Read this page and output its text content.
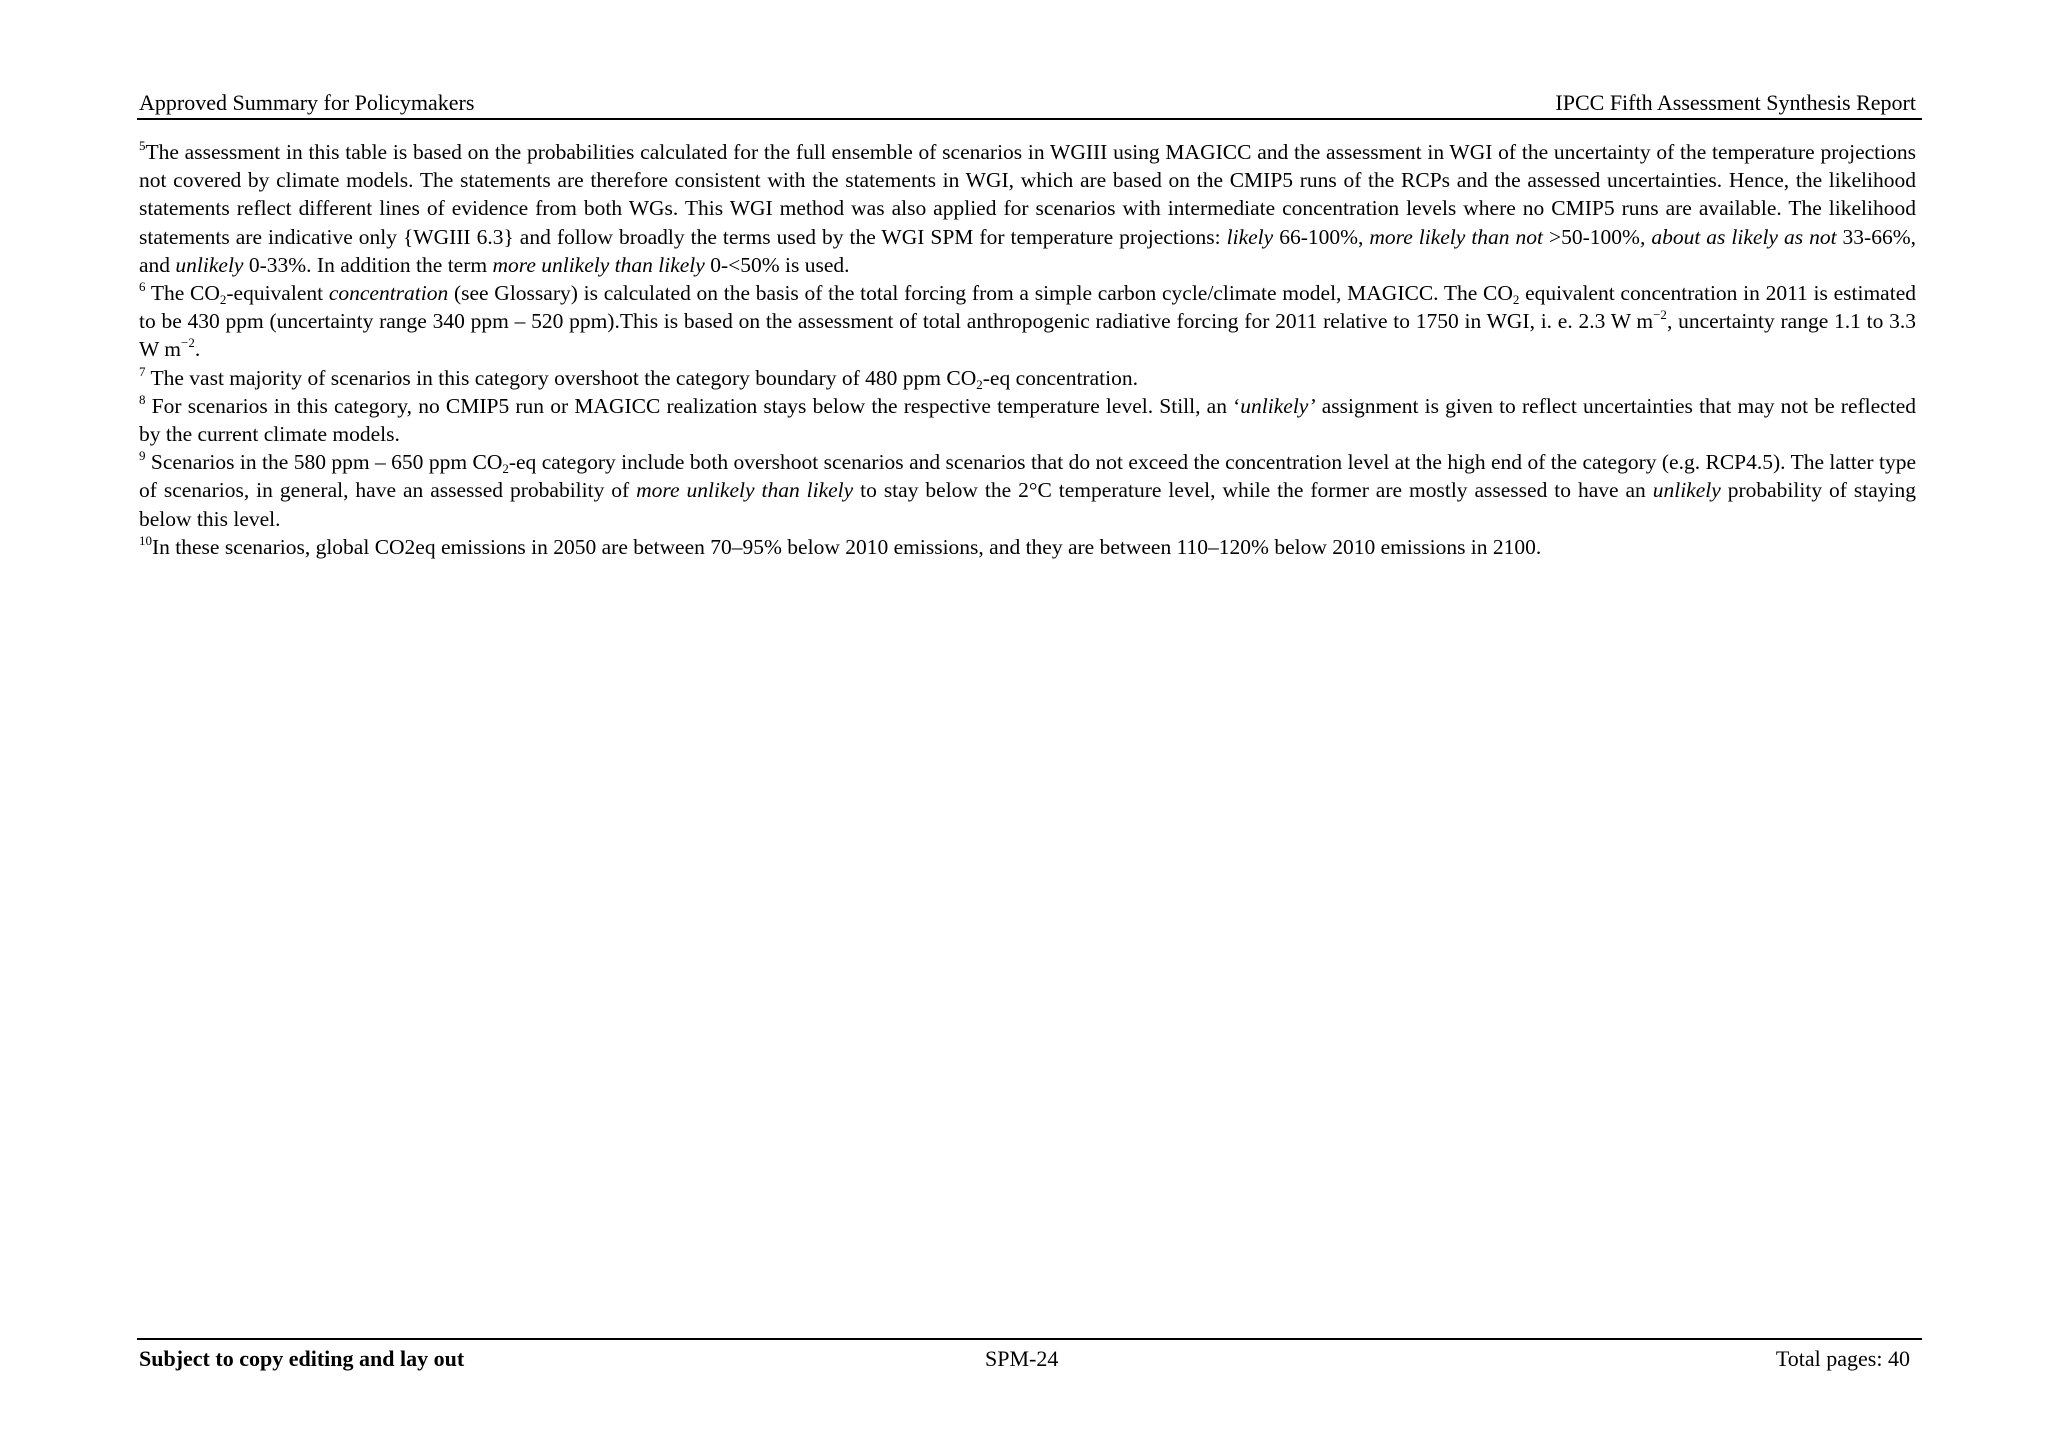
Approved Summary for Policymakers	IPCC Fifth Assessment Synthesis Report

$^5$The assessment in this table is based on the probabilities calculated for the full ensemble of scenarios in WGIII using MAGICC and the assessment in WGI of the uncertainty of the temperature projections not covered by climate models. The statements are therefore consistent with the statements in WGI, which are based on the CMIP5 runs of the RCPs and the assessed uncertainties. Hence, the likelihood statements reflect different lines of evidence from both WGs. This WGI method was also applied for scenarios with intermediate concentration levels where no CMIP5 runs are available. The likelihood statements are indicative only {WGIII 6.3} and follow broadly the terms used by the WGI SPM for temperature projections: likely 66-100%, more likely than not >50-100%, about as likely as not 33-66%, and unlikely 0-33%. In addition the term more unlikely than likely 0-<50% is used.

$^6$ The $CO_2$-equivalent concentration (see Glossary) is calculated on the basis of the total forcing from a simple carbon cycle/climate model, MAGICC. The $CO_2$ equivalent concentration in 2011 is estimated to be 430 ppm (uncertainty range 340 ppm – 520 ppm).This is based on the assessment of total anthropogenic radiative forcing for 2011 relative to 1750 in WGI, i. e. 2.3 W $m^{-2}$, uncertainty range 1.1 to 3.3 W $m^{-2}$.

$^7$ The vast majority of scenarios in this category overshoot the category boundary of 480 ppm $CO_2-eq$ concentration.

$^8$ For scenarios in this category, no CMIP5 run or MAGICC realization stays below the respective temperature level. Still, an ‘unlikely’ assignment is given to reflect uncertainties that may not be reflected by the current climate models.

$^9$ Scenarios in the 580 ppm – 650 ppm $CO_2-eq$ category include both overshoot scenarios and scenarios that do not exceed the concentration level at the high end of the category (e.g. RCP4.5). The latter type of scenarios, in general, have an assessed probability of more unlikely than likely to stay below the 2°C temperature level, while the former are mostly assessed to have an unlikely probability of staying below this level.

$^{10}$In these scenarios, global CO2eq emissions in 2050 are between 70–95% below 2010 emissions, and they are between 110–120% below 2010 emissions in 2100.

Subject to copy editing and lay out	SPM-24	Total pages: 40
